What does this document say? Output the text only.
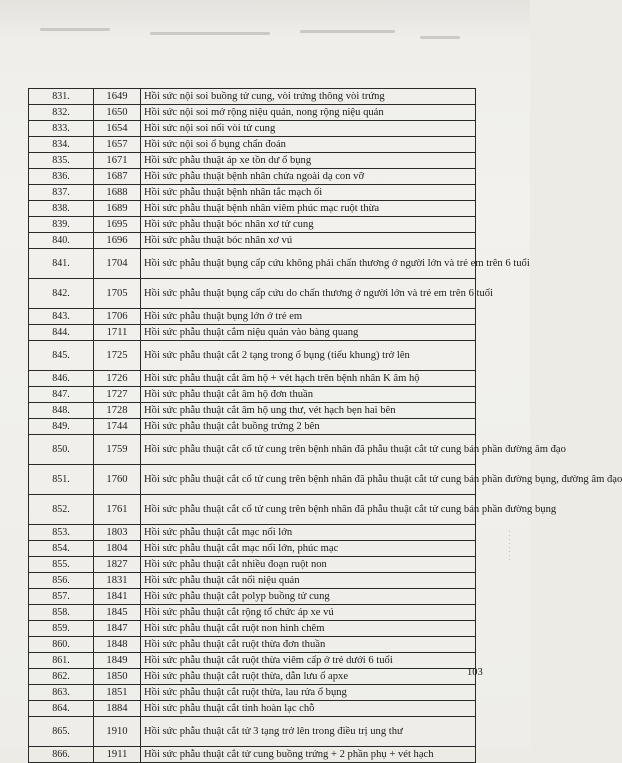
831.	1649	Hồi sức nội soi buồng tử cung, vòi trứng thông vòi trứng
832.	1650	Hồi sức nội soi mở rộng niệu quản, nong rộng niệu quản
833.	1654	Hồi sức nội soi nối vòi tử cung
834.	1657	Hồi sức nội soi ổ bụng chẩn đoán
835.	1671	Hồi sức phẫu thuật áp xe tồn dư ổ bụng
836.	1687	Hồi sức phẫu thuật bệnh nhân chửa ngoài dạ con vỡ
837.	1688	Hồi sức phẫu thuật bệnh nhân tắc mạch ối
838.	1689	Hồi sức phẫu thuật bệnh nhân viêm phúc mạc ruột thừa
839.	1695	Hồi sức phẫu thuật bóc nhân xơ tử cung
840.	1696	Hồi sức phẫu thuật bóc nhân xơ vú
841.	1704	Hồi sức phẫu thuật bụng cấp cứu không phải chấn thương ở người lớn và trẻ em trên 6 tuổi
842.	1705	Hồi sức phẫu thuật bụng cấp cứu do chấn thương ở người lớn và trẻ em trên 6 tuổi
843.	1706	Hồi sức phẫu thuật bụng lớn ở trẻ em
844.	1711	Hồi sức phẫu thuật cắm niệu quản vào bàng quang
845.	1725	Hồi sức phẫu thuật cắt 2 tạng trong ổ bụng (tiểu khung) trở lên
846.	1726	Hồi sức phẫu thuật cắt âm hộ + vét hạch trên bệnh nhân K âm hộ
847.	1727	Hồi sức phẫu thuật cắt âm hộ đơn thuần
848.	1728	Hồi sức phẫu thuật cắt âm hộ ung thư, vét hạch bẹn hai bên
849.	1744	Hồi sức phẫu thuật cắt buồng trứng 2 bên
850.	1759	Hồi sức phẫu thuật cắt cổ tử cung trên bệnh nhân đã phẫu thuật cắt tử cung bán phần đường âm đạo
851.	1760	Hồi sức phẫu thuật cắt cổ tử cung trên bệnh nhân đã phẫu thuật cắt tử cung bán phần đường bụng, đường âm đạo
852.	1761	Hồi sức phẫu thuật cắt cổ tử cung trên bệnh nhân đã phẫu thuật cắt tử cung bán phần đường bụng
853.	1803	Hồi sức phẫu thuật cắt mạc nối lớn
854.	1804	Hồi sức phẫu thuật cắt mạc nối lớn, phúc mạc
855.	1827	Hồi sức phẫu thuật cắt nhiều đoạn ruột non
856.	1831	Hồi sức phẫu thuật cắt nối niệu quản
857.	1841	Hồi sức phẫu thuật cắt polyp buồng tử cung
858.	1845	Hồi sức phẫu thuật cắt rộng tổ chức áp xe vú
859.	1847	Hồi sức phẫu thuật cắt ruột non hình chêm
860.	1848	Hồi sức phẫu thuật cắt ruột thừa đơn thuần
861.	1849	Hồi sức phẫu thuật cắt ruột thừa viêm cấp ở trẻ dưới 6 tuổi
862.	1850	Hồi sức phẫu thuật cắt ruột thừa, dẫn lưu ổ apxe
863.	1851	Hồi sức phẫu thuật cắt ruột thừa, lau rửa ổ bụng
864.	1884	Hồi sức phẫu thuật cắt tinh hoàn lạc chỗ
865.	1910	Hồi sức phẫu thuật cắt tử 3 tạng trở lên trong điều trị ung thư
866.	1911	Hồi sức phẫu thuật cắt tử cung buồng trứng + 2 phần phụ + vét hạch
103
· · · · · · · ·
